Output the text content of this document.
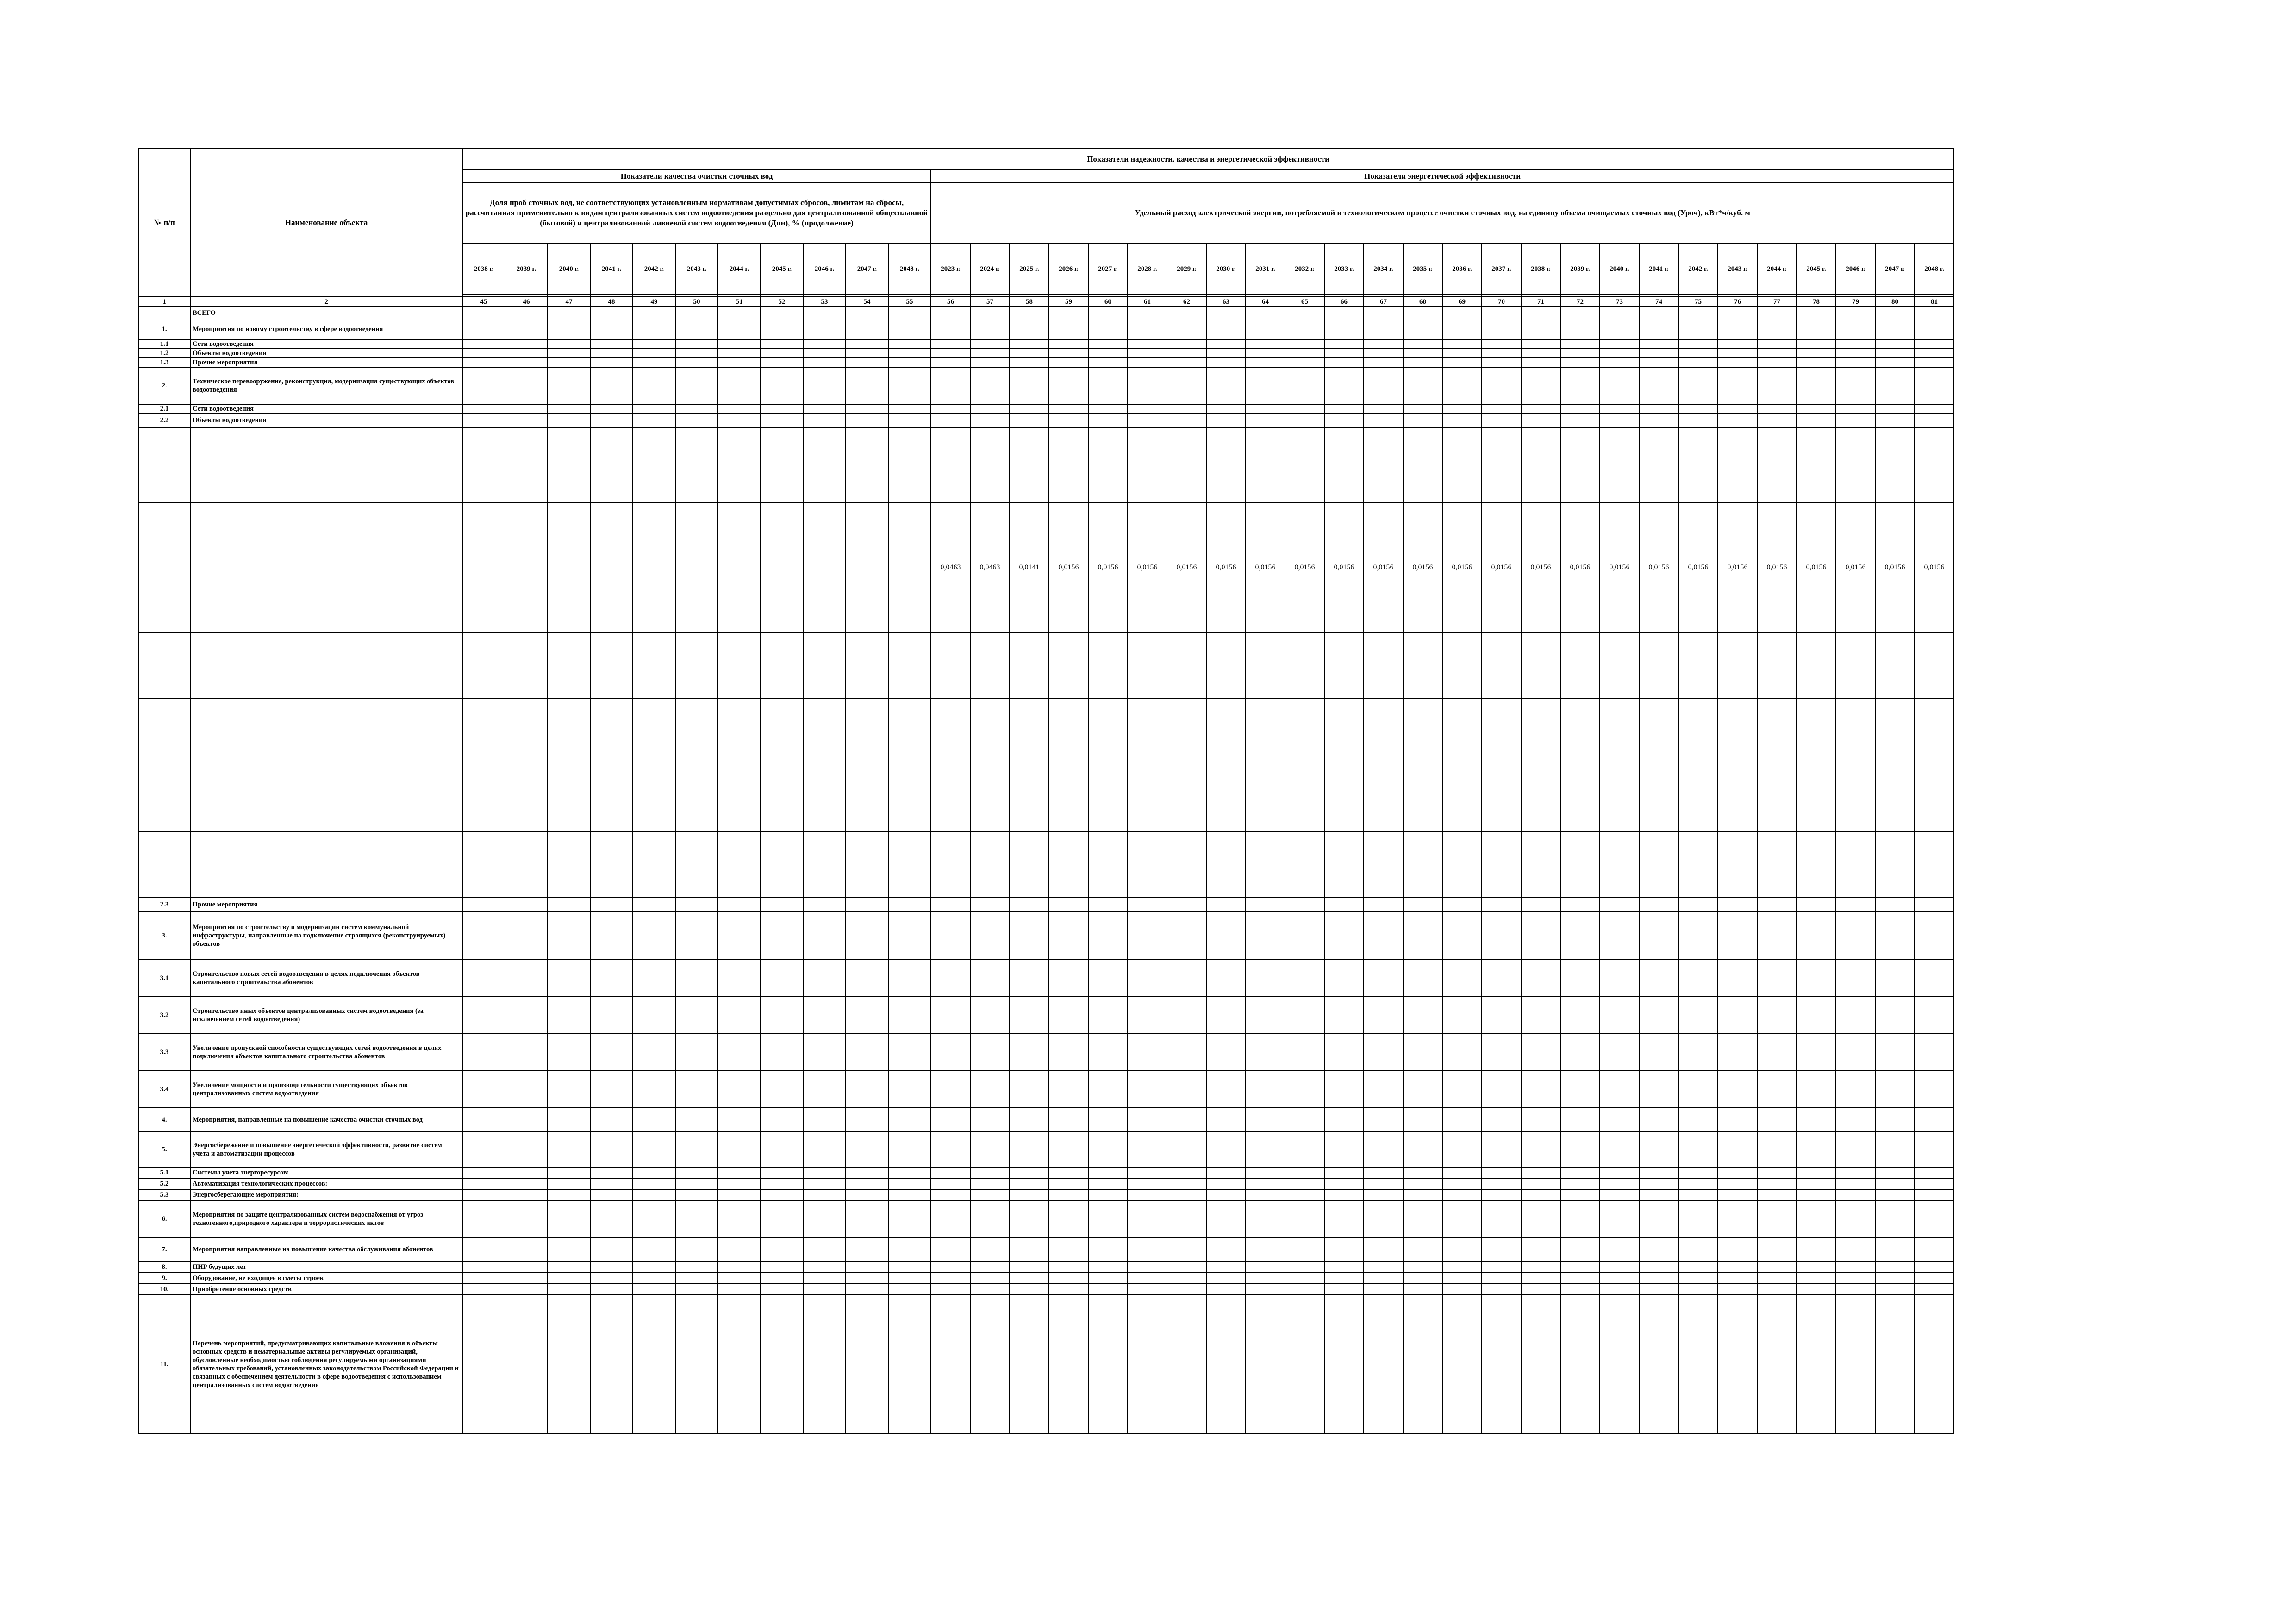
№ п/п	Наименование объекта	Показатели надежности, качества и энергетической эффективности																																				
		Показатели качества очистки сточных вод											Показатели энергетической эффективности																									
		Доля проб сточных вод, не соответствующих установленным нормативам допустимых сбросов, лимитам на сбросы, рассчитанная применительно к видам централизованных систем водоотведения раздельно для централизованной общесплавной (бытовой) и централизованной ливневой систем водоотведения (Дпн), % (продолжение)											Удельный расход электрической энергии, потребляемой в технологическом процессе очистки сточных вод, на единицу объема очищаемых сточных вод (Уроч), кВт*ч/куб. м																									
		2038 г.	2039 г.	2040 г.	2041 г.	2042 г.	2043 г.	2044 г.	2045 г.	2046 г.	2047 г.	2048 г.	2023 г.	2024 г.	2025 г.	2026 г.	2027 г.	2028 г.	2029 г.	2030 г.	2031 г.	2032 г.	2033 г.	2034 г.	2035 г.	2036 г.	2037 г.	2038 г.	2039 г.	2040 г.	2041 г.	2042 г.	2043 г.	2044 г.	2045 г.	2046 г.	2047 г.	2048 г.

1	2	45	46	47	48	49	50	51	52	53	54	55	56	57	58	59	60	61	62	63	64	65	66	67	68	69	70	71	72	73	74	75	76	77	78	79	80	81
	ВСЕГО																																					
1.	Мероприятия по новому строительству в сфере водоотведения																																					
1.1	Сети водоотведения																																					
1.2	Объекты водоотведения																																					
1.3	Прочие мероприятия																																					
2.	Техническое перевооружение, реконструкция, модернизация существующих объектов водоотведения																																					
2.1	Сети водоотведения																																					
2.2	Объекты водоотведения																																					

													0,0463	0,0463	0,0141	0,0156	0,0156	0,0156	0,0156	0,0156	0,0156	0,0156	0,0156	0,0156	0,0156	0,0156	0,0156	0,0156	0,0156	0,0156	0,0156	0,0156	0,0156	0,0156	0,0156	0,0156	0,0156	0,0156

2.3	Прочие мероприятия																																					
3.	Мероприятия по строительству и модернизации систем коммунальной инфраструктуры, направленные на подключение строящихся (реконструируемых) объектов																																					
3.1	Строительство новых сетей водоотведения в целях подключения объектов капитального строительства абонентов																																					
3.2	Строительство иных объектов централизованных систем водоотведения (за исключением сетей водоотведения)																																					
3.3	Увеличение пропускной способности существующих сетей водоотведения в целях подключения объектов капитального строительства абонентов																																					
3.4	Увеличение мощности и производительности существующих объектов централизованных систем водоотведения																																					
4.	Мероприятия, направленные на повышение качества очистки сточных вод																																					
5.	Энергосбережение и повышение энергетической эффективности, развитие систем учета и автоматизации процессов																																					
5.1	Системы учета энергоресурсов:																																					
5.2	Автоматизация технологических процессов:																																					
5.3	Энергосберегающие мероприятия:																																					
6.	Мероприятия по защите централизованных систем водоснабжения от угроз техногенного,природного характера и террористических актов																																					
7.	Мероприятия направленные на повышение качества обслуживания абонентов																																					
8.	ПИР будущих лет																																					
9.	Оборудование, не входящее в сметы строек																																					
10.	Приобретение основных средств																																					
11.	Перечень мероприятий, предусматривающих капитальные вложения в объекты основных средств и нематериальные активы регулируемых организаций, обусловленные необходимостью соблюдения регулируемыми организациями обязательных требований, установленных законодательством Российской Федерации и связанных с обеспечением деятельности в сфере водоотведения с использованием централизованных систем водоотведения																																					
